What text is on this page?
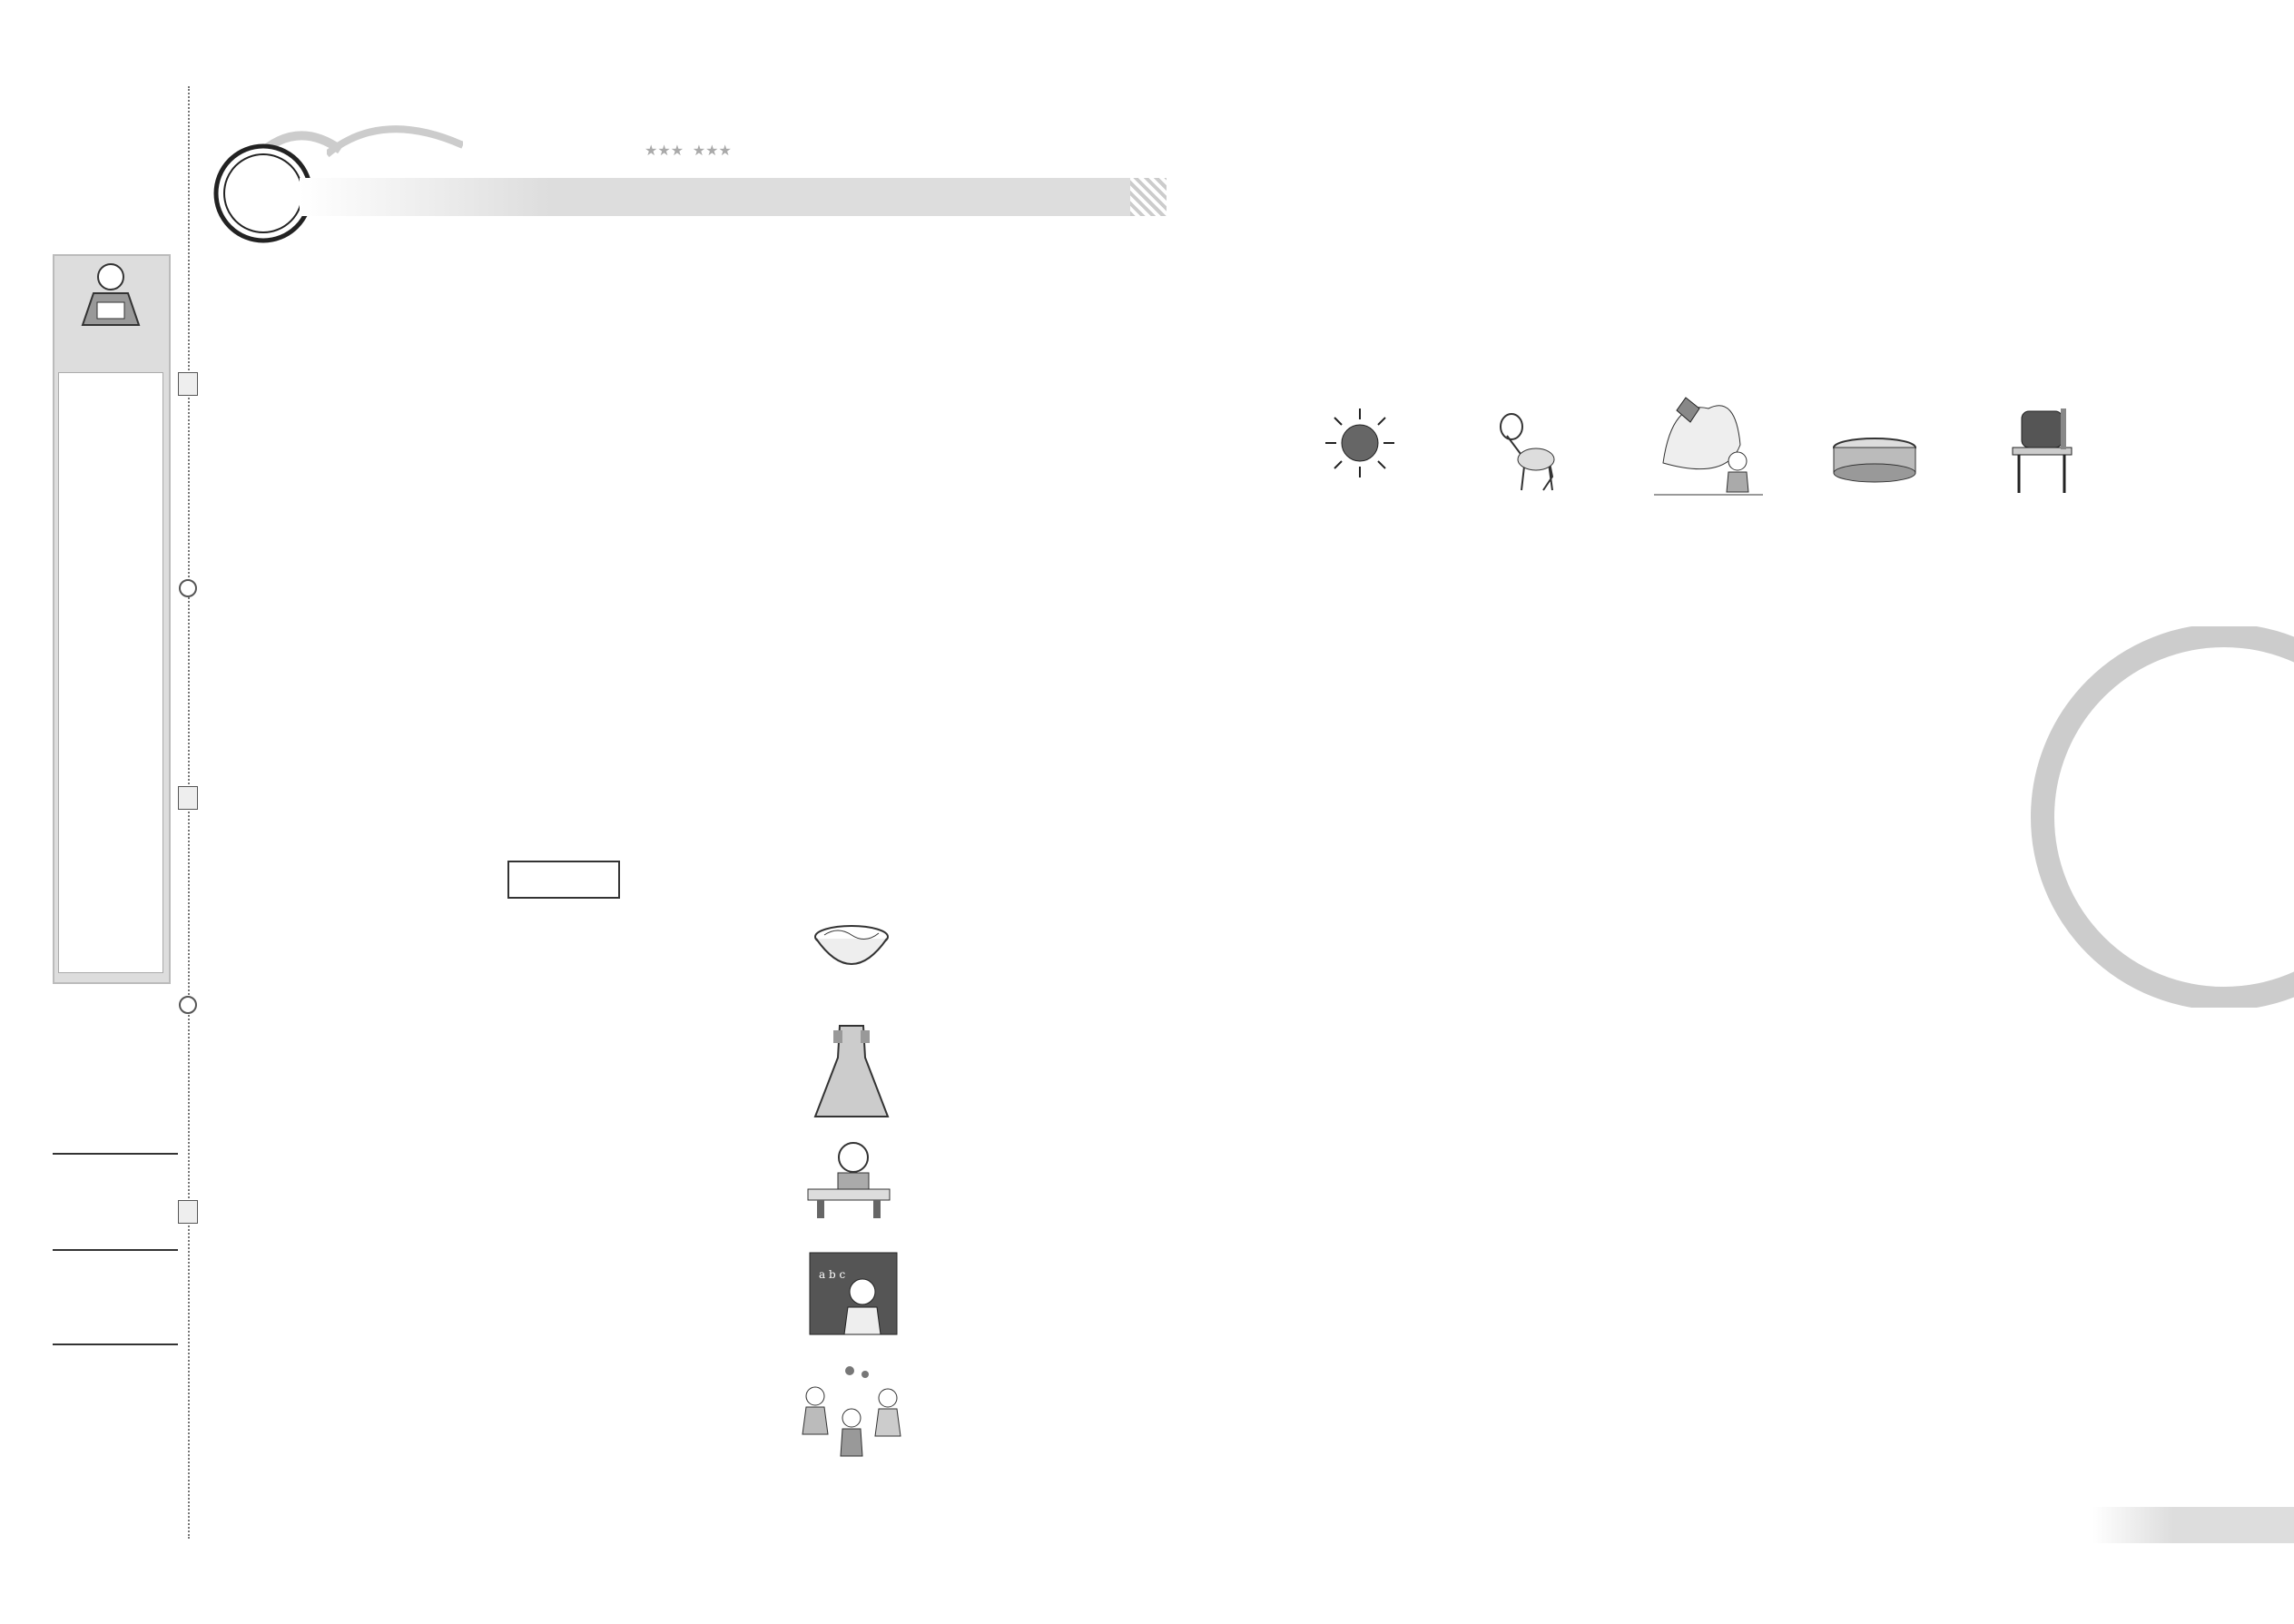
★★★ ★★★
a b c
